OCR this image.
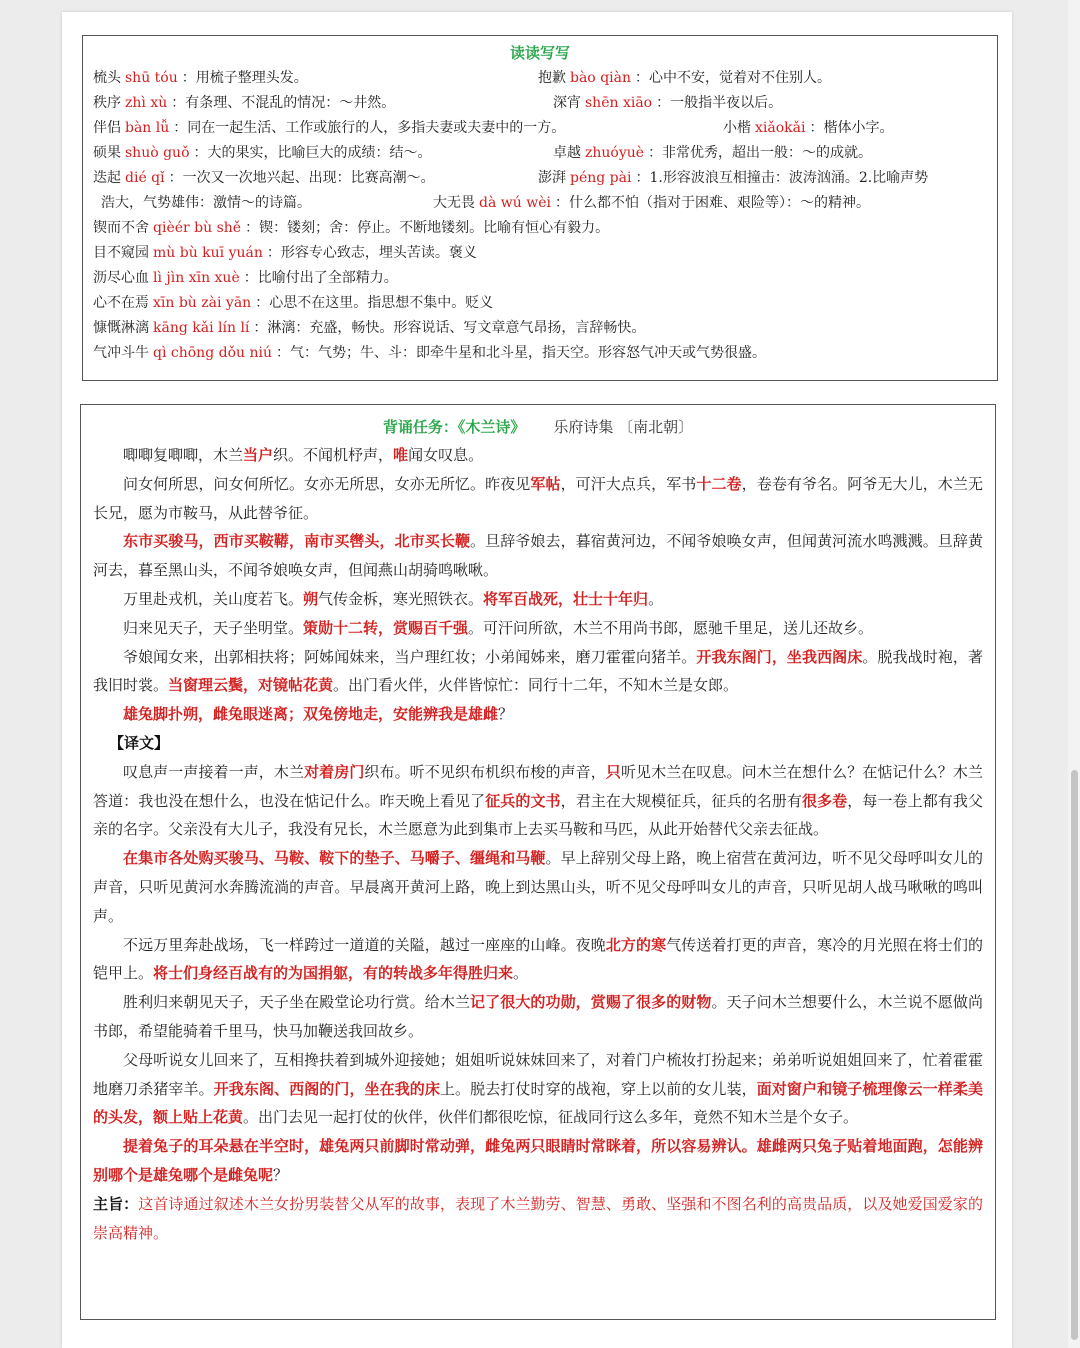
读读写写
梳头 shū tóu ：用梳子整理头发。	抱歉 bào qiàn ：心中不安，觉着对不住别人。
秩序 zhì xù ：有条理、不混乱的情况：～井然。	深宵 shēn xiāo ：一般指半夜以后。
伴侣 bàn lǚ ：同在一起生活、工作或旅行的人，多指夫妻或夫妻中的一方。	小楷 xiǎokǎi ：楷体小字。
硕果 shuò guǒ ：大的果实，比喻巨大的成绩：结～。	卓越 zhuóyuè ：非常优秀，超出一般：～的成就。
迭起 dié qǐ ：一次又一次地兴起、出现：比赛高潮～。	澎湃 péng pài ：1.形容波浪互相撞击：波涛汹涌。2.比喻声势
浩大，气势雄伟：激情～的诗篇。	大无畏 dà wú wèi ：什么都不怕（指对于困难、艰险等）：～的精神。
锲而不舍 qièér bù shě ：锲：镂刻；舍：停止。不断地镂刻。比喻有恒心有毅力。
目不窥园 mù bù kuī yuán ：形容专心致志，埋头苦读。褒义
沥尽心血 lì jìn xīn xuè ：比喻付出了全部精力。
心不在焉 xīn bù zài yān ：心思不在这里。指思想不集中。贬义
慷慨淋漓 kāng kǎi lín lí ：淋漓：充盛，畅快。形容说话、写文章意气昂扬，言辞畅快。
气冲斗牛 qì chōng dǒu niú ：气：气势；牛、斗：即牵牛星和北斗星，指天空。形容怒气冲天或气势很盛。
背诵任务：《木兰诗》 乐府诗集 〔南北朝〕

唧唧复唧唧，木兰当户织。不闻机杼声，唯闻女叹息。

问女何所思，问女何所忆。女亦无所思，女亦无所忆。昨夜见军帖，可汗大点兵，军书十二卷，卷卷有爷名。阿爷无大儿，木兰无长兄，愿为市鞍马，从此替爷征。

东市买骏马，西市买鞍鞯，南市买辔头，北市买长鞭。旦辞爷娘去，暮宿黄河边，不闻爷娘唤女声，但闻黄河流水鸣溅溅。旦辞黄河去，暮至黑山头，不闻爷娘唤女声，但闻燕山胡骑鸣啾啾。

万里赴戎机，关山度若飞。朔气传金柝，寒光照铁衣。将军百战死，壮士十年归。

归来见天子，天子坐明堂。策勋十二转，赏赐百千强。可汗问所欲，木兰不用尚书郎，愿驰千里足，送儿还故乡。

爷娘闻女来，出郭相扶将；阿姊闻妹来，当户理红妆；小弟闻姊来，磨刀霍霍向猪羊。开我东阁门，坐我西阁床。脱我战时袍，著我旧时裳。当窗理云鬓，对镜帖花黄。出门看火伴，火伴皆惊忙：同行十二年，不知木兰是女郎。

雄兔脚扑朔，雌兔眼迷离；双兔傍地走，安能辨我是雄雌？

【译文】

叹息声一声接着一声，木兰对着房门织布。听不见织布机织布梭的声音，只听见木兰在叹息。问木兰在想什么？在惦记什么？木兰答道：我也没在想什么，也没在惦记什么。昨天晚上看见了征兵的文书，君主在大规模征兵，征兵的名册有很多卷，每一卷上都有我父亲的名字。父亲没有大儿子，我没有兄长，木兰愿意为此到集市上去买马鞍和马匹，从此开始替代父亲去征战。

在集市各处购买骏马、马鞍、鞍下的垫子、马嚼子、缰绳和马鞭。早上辞别父母上路，晚上宿营在黄河边，听不见父母呼叫女儿的声音，只听见黄河水奔腾流淌的声音。早晨离开黄河上路，晚上到达黑山头，听不见父母呼叫女儿的声音，只听见胡人战马啾啾的鸣叫声。

不远万里奔赴战场，飞一样跨过一道道的关隘，越过一座座的山峰。夜晚北方的寒气传送着打更的声音，寒冷的月光照在将士们的铠甲上。将士们身经百战有的为国捐躯，有的转战多年得胜归来。

胜利归来朝见天子，天子坐在殿堂论功行赏。给木兰记了很大的功勋，赏赐了很多的财物。天子问木兰想要什么，木兰说不愿做尚书郎，希望能骑着千里马，快马加鞭送我回故乡。

父母听说女儿回来了，互相搀扶着到城外迎接她；姐姐听说妹妹回来了，对着门户梳妆打扮起来；弟弟听说姐姐回来了，忙着霍霍地磨刀杀猪宰羊。开我东阁、西阁的门，坐在我的床上。脱去打仗时穿的战袍，穿上以前的女儿装，面对窗户和镜子梳理像云一样柔美的头发，额上贴上花黄。出门去见一起打仗的伙伴，伙伴们都很吃惊，征战同行这么多年，竟然不知木兰是个女子。

提着兔子的耳朵悬在半空时，雄兔两只前脚时常动弹，雌兔两只眼睛时常眯着，所以容易辨认。雄雌两只兔子贴着地面跑，怎能辨别哪个是雄兔哪个是雌兔呢？

主旨：这首诗通过叙述木兰女扮男装替父从军的故事，表现了木兰勤劳、智慧、勇敢、坚强和不图名利的高贵品质，以及她爱国爱家的崇高精神。
